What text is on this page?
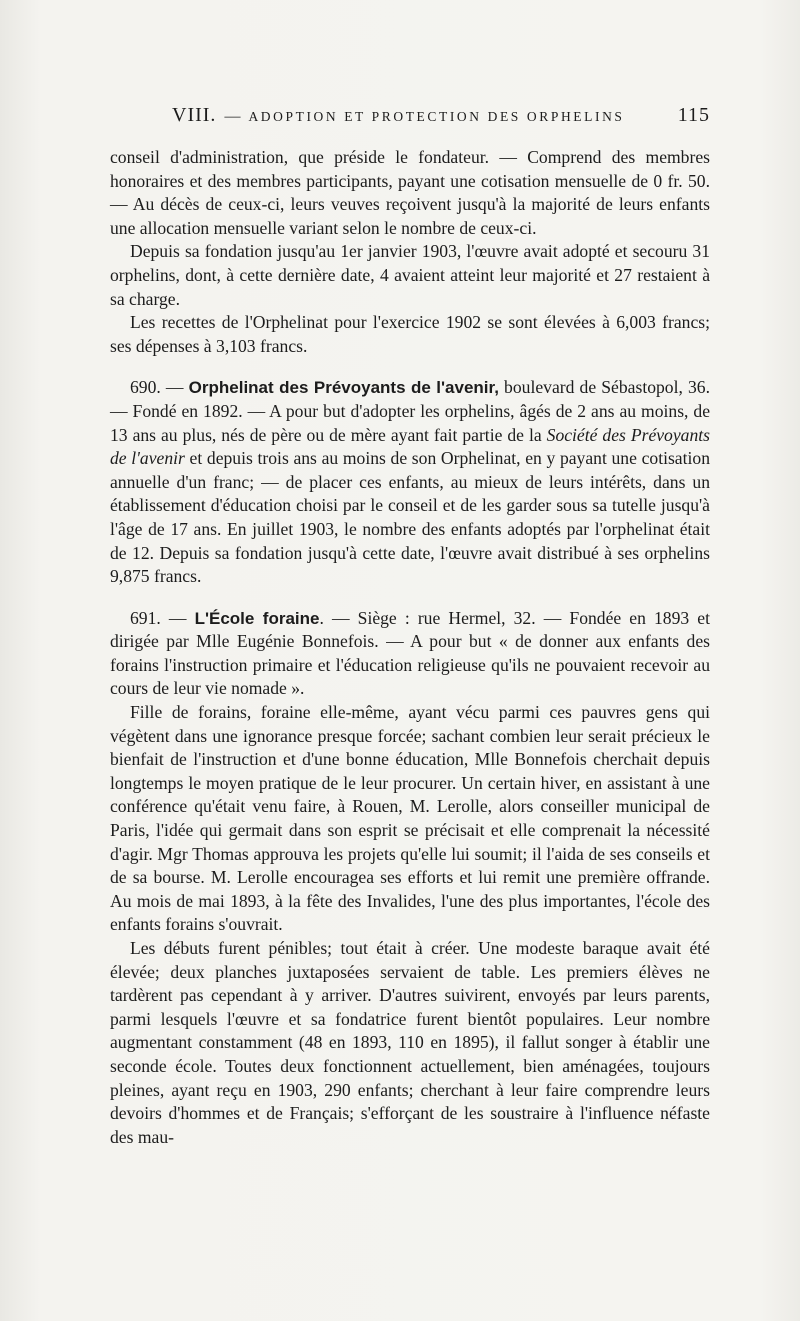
VIII. — ADOPTION ET PROTECTION DES ORPHELINS	115

conseil d'administration, que préside le fondateur. — Comprend des membres honoraires et des membres participants, payant une cotisation mensuelle de 0 fr. 50. — Au décès de ceux-ci, leurs veuves reçoivent jusqu'à la majorité de leurs enfants une allocation mensuelle variant selon le nombre de ceux-ci.

Depuis sa fondation jusqu'au 1er janvier 1903, l'œuvre avait adopté et secouru 31 orphelins, dont, à cette dernière date, 4 avaient atteint leur majorité et 27 restaient à sa charge.

Les recettes de l'Orphelinat pour l'exercice 1902 se sont élevées à 6,003 francs; ses dépenses à 3,103 francs.

690. — Orphelinat des Prévoyants de l'avenir, boulevard de Sébastopol, 36. — Fondé en 1892. — A pour but d'adopter les orphelins, âgés de 2 ans au moins, de 13 ans au plus, nés de père ou de mère ayant fait partie de la Société des Prévoyants de l'avenir et depuis trois ans au moins de son Orphelinat, en y payant une cotisation annuelle d'un franc; — de placer ces enfants, au mieux de leurs intérêts, dans un établissement d'éducation choisi par le conseil et de les garder sous sa tutelle jusqu'à l'âge de 17 ans. En juillet 1903, le nombre des enfants adoptés par l'orphelinat était de 12. Depuis sa fondation jusqu'à cette date, l'œuvre avait distribué à ses orphelins 9,875 francs.

691. — L'École foraine. — Siège : rue Hermel, 32. — Fondée en 1893 et dirigée par Mlle Eugénie Bonnefois. — A pour but « de donner aux enfants des forains l'instruction primaire et l'éducation religieuse qu'ils ne pouvaient recevoir au cours de leur vie nomade ».

Fille de forains, foraine elle-même, ayant vécu parmi ces pauvres gens qui végètent dans une ignorance presque forcée; sachant combien leur serait précieux le bienfait de l'instruction et d'une bonne éducation, Mlle Bonnefois cherchait depuis longtemps le moyen pratique de le leur procurer. Un certain hiver, en assistant à une conférence qu'était venu faire, à Rouen, M. Lerolle, alors conseiller municipal de Paris, l'idée qui germait dans son esprit se précisait et elle comprenait la nécessité d'agir. Mgr Thomas approuva les projets qu'elle lui soumit; il l'aida de ses conseils et de sa bourse. M. Lerolle encouragea ses efforts et lui remit une première offrande. Au mois de mai 1893, à la fête des Invalides, l'une des plus importantes, l'école des enfants forains s'ouvrait.

Les débuts furent pénibles; tout était à créer. Une modeste baraque avait été élevée; deux planches juxtaposées servaient de table. Les premiers élèves ne tardèrent pas cependant à y arriver. D'autres suivirent, envoyés par leurs parents, parmi lesquels l'œuvre et sa fondatrice furent bientôt populaires. Leur nombre augmentant constamment (48 en 1893, 110 en 1895), il fallut songer à établir une seconde école. Toutes deux fonctionnent actuellement, bien aménagées, toujours pleines, ayant reçu en 1903, 290 enfants; cherchant à leur faire comprendre leurs devoirs d'hommes et de Français; s'efforçant de les soustraire à l'influence néfaste des mau-
